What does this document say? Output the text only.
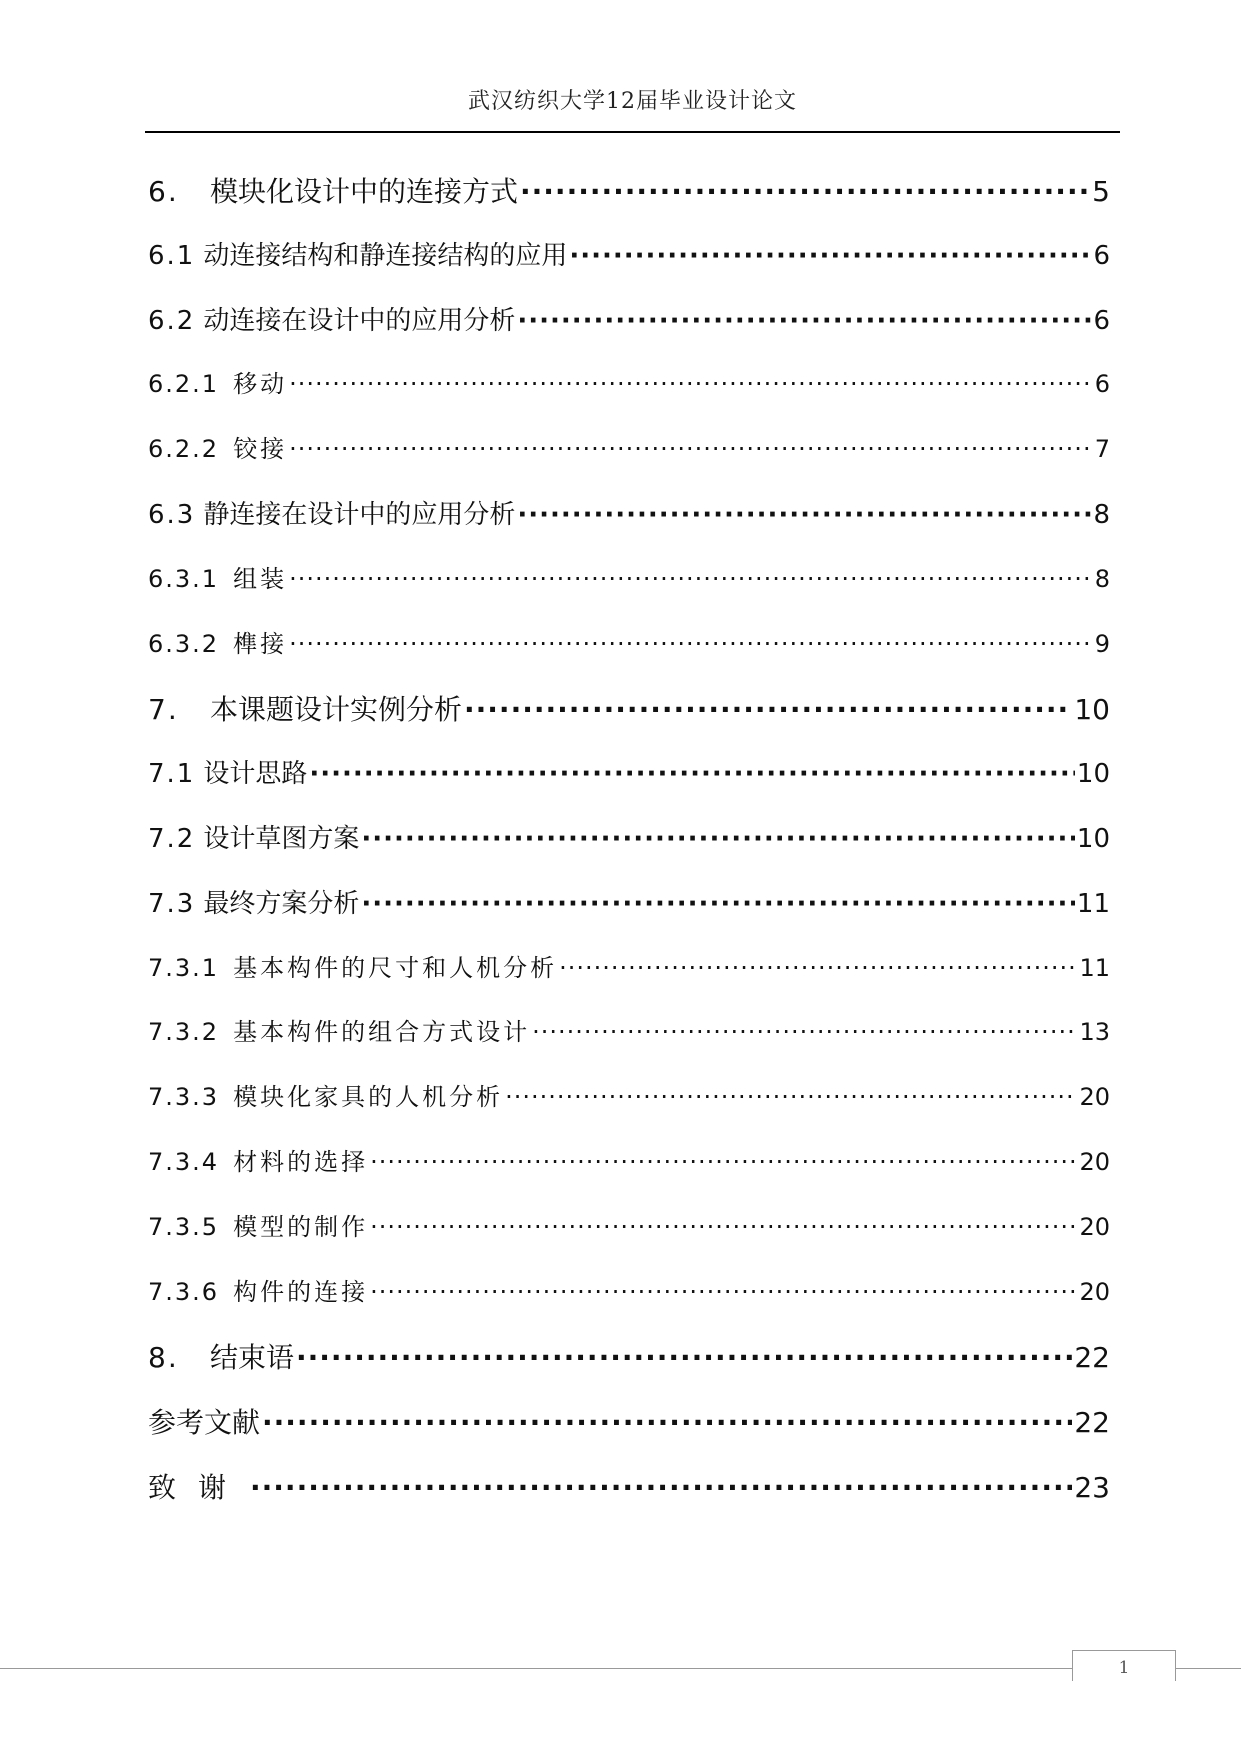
武汉纺织大学12届毕业设计论文
6.	模块化设计中的连接方式 ·····	5
6.1 动连接结构和静连接结构的应用 ·····	6
6.2 动连接在设计中的应用分析 ·····	6
6.2.1 移动 ·····	6
6.2.2 铰接 ·····	7
6.3 静连接在设计中的应用分析 ·····	8
6.3.1 组装 ·····	8
6.3.2 榫接 ·····	9
7.	本课题设计实例分析 ·····	10
7.1 设计思路 ·····	10
7.2 设计草图方案 ·····	10
7.3 最终方案分析 ·····	11
7.3.1 基本构件的尺寸和人机分析 ·····	11
7.3.2 基本构件的组合方式设计 ·····	13
7.3.3 模块化家具的人机分析 ·····	20
7.3.4 材料的选择 ·····	20
7.3.5 模型的制作 ·····	20
7.3.6 构件的连接 ·····	20
8.	结束语 ·····	22
参考文献 ·····	22
致谢 ·····	23
1
